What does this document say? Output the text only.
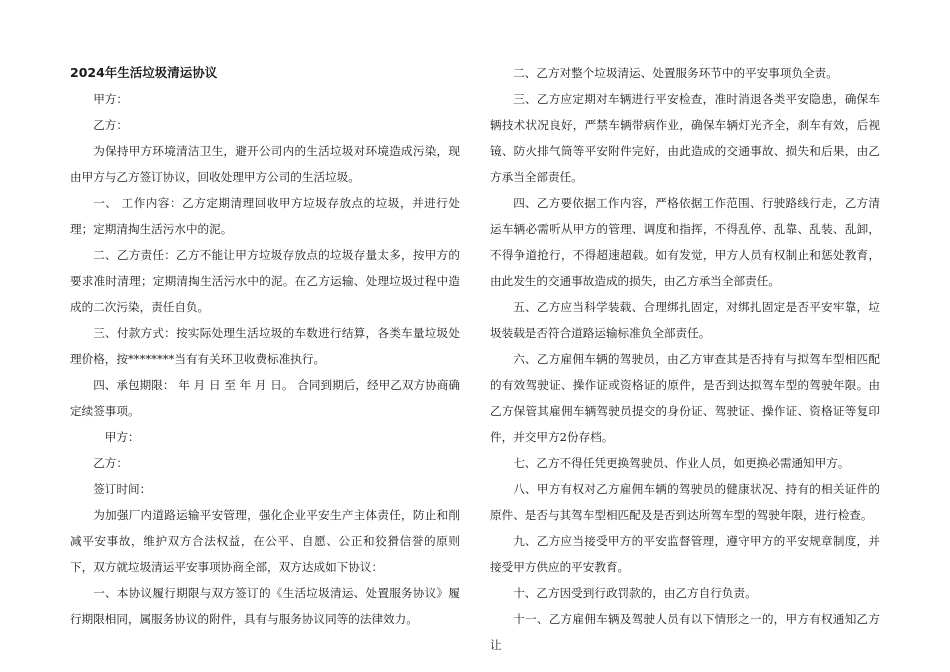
2024年生活垃圾清运协议

甲方：

乙方：

为保持甲方环境清洁卫生，避开公司内的生活垃圾对环境造成污染，现由甲方与乙方签订协议，回收处理甲方公司的生活垃圾。

一、 工作内容：乙方定期清理回收甲方垃圾存放点的垃圾，并进行处理；定期清掏生活污水中的泥。

二、乙方责任：乙方不能让甲方垃圾存放点的垃圾存量太多，按甲方的要求准时清理；定期清掏生活污水中的泥。在乙方运输、处理垃圾过程中造成的二次污染，责任自负。

三、付款方式：按实际处理生活垃圾的车数进行结算，各类车量垃圾处理价格，按********当有有关环卫收费标准执行。

四、承包期限： 年 月 日 至 年 月 日。 合同到期后，经甲乙双方协商确定续签事项。

甲方：

乙方：

签订时间：

为加强厂内道路运输平安管理，强化企业平安生产主体责任，防止和削减平安事故，维护双方合法权益，在公平、自愿、公正和狡猾信誉的原则下，双方就垃圾清运平安事项协商全部，双方达成如下协议：

一、本协议履行期限与双方签订的《生活垃圾清运、处置服务协议》履行期限相同，属服务协议的附件，具有与服务协议同等的法律效力。

二、乙方对整个垃圾清运、处置服务环节中的平安事项负全责。

三、乙方应定期对车辆进行平安检查，准时消退各类平安隐患，确保车辆技术状况良好，严禁车辆带病作业，确保车辆灯光齐全，刹车有效，后视镜、防火排气筒等平安附件完好，由此造成的交通事故、损失和后果，由乙方承当全部责任。

四、乙方要依据工作内容，严格依据工作范围、行驶路线行走，乙方清运车辆必需听从甲方的管理、调度和指挥，不得乱停、乱靠、乱装、乱卸，不得争道抢行，不得超速超载。如有发觉，甲方人员有权制止和惩处教育，由此发生的交通事故造成的损失，由乙方承当全部责任。

五、乙方应当科学装载、合理绑扎固定，对绑扎固定是否平安牢靠，垃圾装载是否符合道路运输标准负全部责任。

六、乙方雇佣车辆的驾驶员，由乙方审查其是否持有与拟驾车型相匹配的有效驾驶证、操作证或资格证的原件，是否到达拟驾车型的驾驶年限。由乙方保管其雇佣车辆驾驶员提交的身份证、驾驶证、操作证、资格证等复印件，并交甲方2份存档。

七、乙方不得任凭更换驾驶员、作业人员，如更换必需通知甲方。

八、甲方有权对乙方雇佣车辆的驾驶员的健康状况、持有的相关证件的原件、是否与其驾车型相匹配及是否到达所驾车型的驾驶年限，进行检查。

九、乙方应当接受甲方的平安监督管理，遵守甲方的平安规章制度，并接受甲方供应的平安教育。

十、乙方因受到行政罚款的，由乙方自行负责。

十一、乙方雇佣车辆及驾驶人员有以下情形之一的，甲方有权通知乙方让
